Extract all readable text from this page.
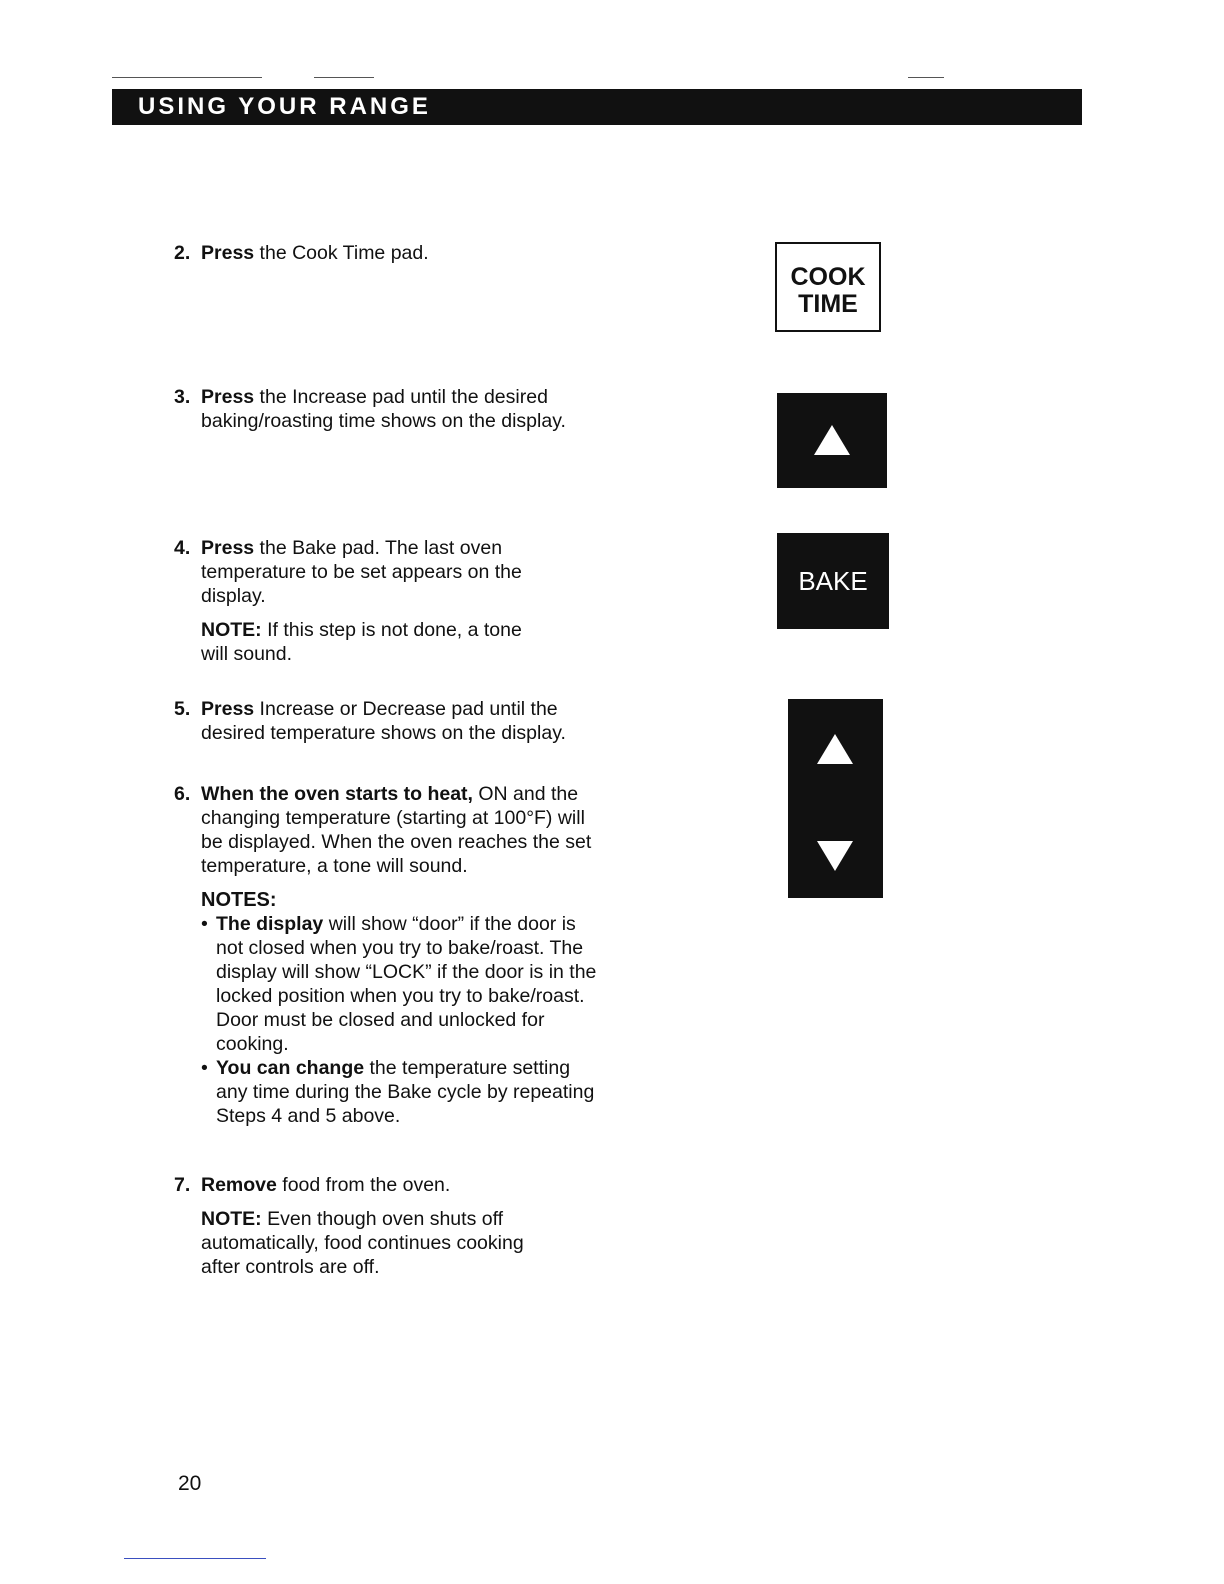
USING YOUR RANGE
2. Press the Cook Time pad.
3. Press the Increase pad until the desired baking/roasting time shows on the display.
4. Press the Bake pad. The last oven temperature to be set appears on the display.
NOTE: If this step is not done, a tone will sound.
5. Press Increase or Decrease pad until the desired temperature shows on the display.
6. When the oven starts to heat, ON and the changing temperature (starting at 100°F) will be displayed. When the oven reaches the set temperature, a tone will sound.
NOTES:
• The display will show “door” if the door is not closed when you try to bake/roast. The display will show “LOCK” if the door is in the locked position when you try to bake/roast. Door must be closed and unlocked for cooking.
• You can change the temperature setting any time during the Bake cycle by repeating Steps 4 and 5 above.
7. Remove food from the oven.
NOTE: Even though oven shuts off automatically, food continues cooking after controls are off.
COOK
TIME
BAKE
20
